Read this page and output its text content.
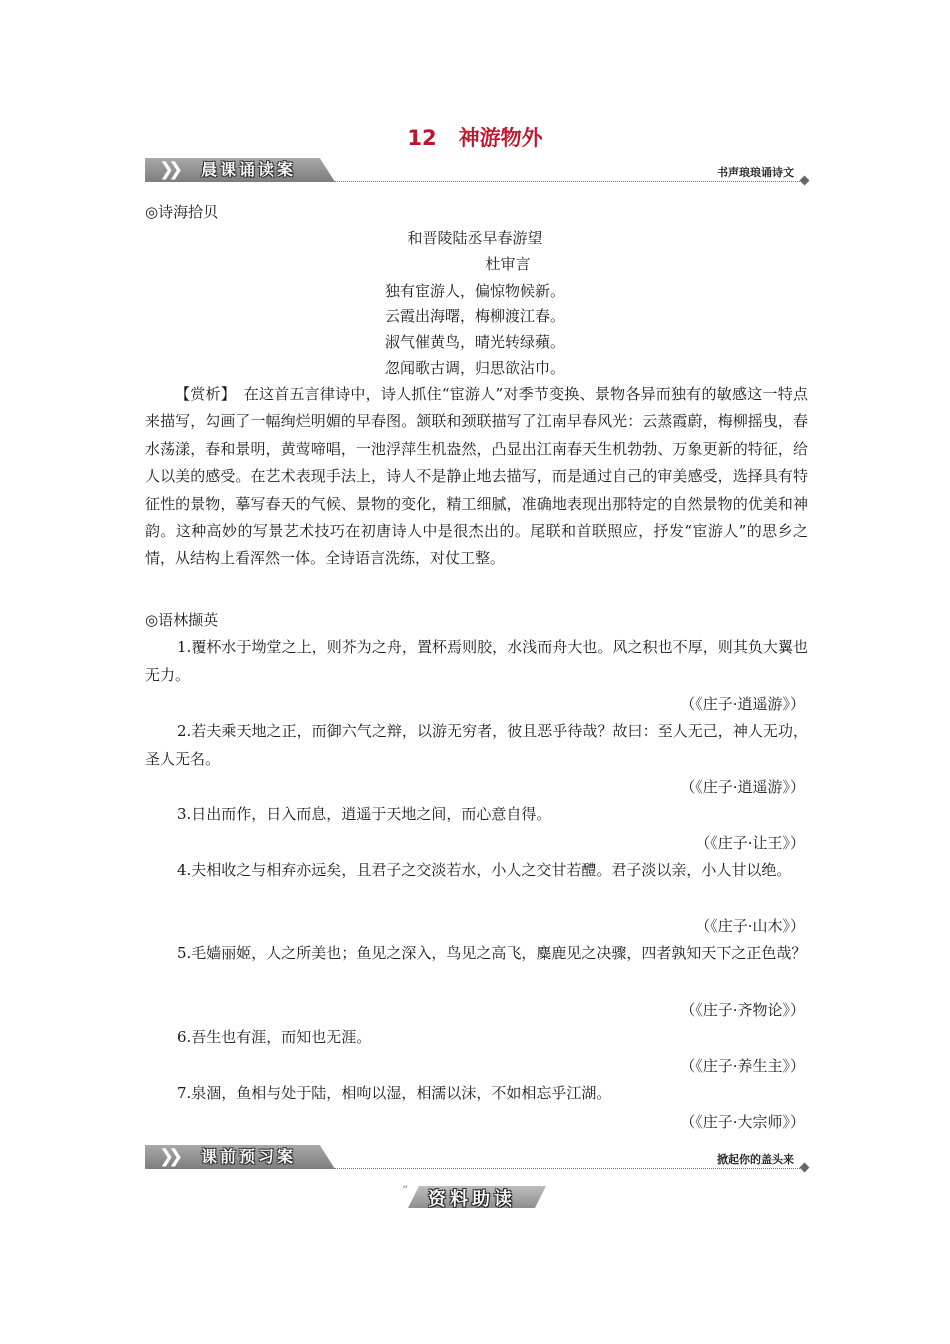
12 神游物外
❯❯ 晨课诵读案	书声琅琅诵诗文
◎诗海拾贝
和晋陵陆丞早春游望
杜审言
独有宦游人，偏惊物候新。
云霞出海曙，梅柳渡江春。
淑气催黄鸟，晴光转绿蘋。
忽闻歌古调，归思欲沾巾。
【赏析】　 在这首五言律诗中，诗人抓住“宦游人”对季节变换、景物各异而独有的敏感这一特点来描写，勾画了一幅绚烂明媚的早春图。颔联和颈联描写了江南早春风光：云蒸霞蔚，梅柳摇曳，春水荡漾，春和景明，黄莺啼唱，一池浮萍生机盎然，凸显出江南春天生机勃勃、万象更新的特征，给人以美的感受。在艺术表现手法上，诗人不是静止地去描写，而是通过自己的审美感受，选择具有特征性的景物，摹写春天的气候、景物的变化，精工细腻，准确地表现出那特定的自然景物的优美和神韵。这种高妙的写景艺术技巧在初唐诗人中是很杰出的。尾联和首联照应，抒发“宦游人”的思乡之情，从结构上看浑然一体。全诗语言洗练，对仗工整。
◎语林撷英
1.覆杯水于坳堂之上，则芥为之舟，置杯焉则胶，水浅而舟大也。风之积也不厚，则其负大翼也无力。
（《庄子·逍遥游》）
2.若夫乘天地之正，而御六气之辩，以游无穷者，彼且恶乎待哉？故曰：至人无己，神人无功，圣人无名。
（《庄子·逍遥游》）
3.日出而作，日入而息，逍遥于天地之间，而心意自得。
（《庄子·让王》）
4.夫相收之与相弃亦远矣，且君子之交淡若水，小人之交甘若醴。君子淡以亲，小人甘以绝。
（《庄子·山木》）
5.毛嫱丽姬，人之所美也；鱼见之深入，鸟见之高飞，麋鹿见之决骤，四者孰知天下之正色哉？
（《庄子·齐物论》）
6.吾生也有涯，而知也无涯。
（《庄子·养生主》）
7.泉涸，鱼相与处于陆，相呴以湿，相濡以沫，不如相忘乎江湖。
（《庄子·大宗师》）
❯❯ 课前预习案	掀起你的盖头来
“ 资料助读
